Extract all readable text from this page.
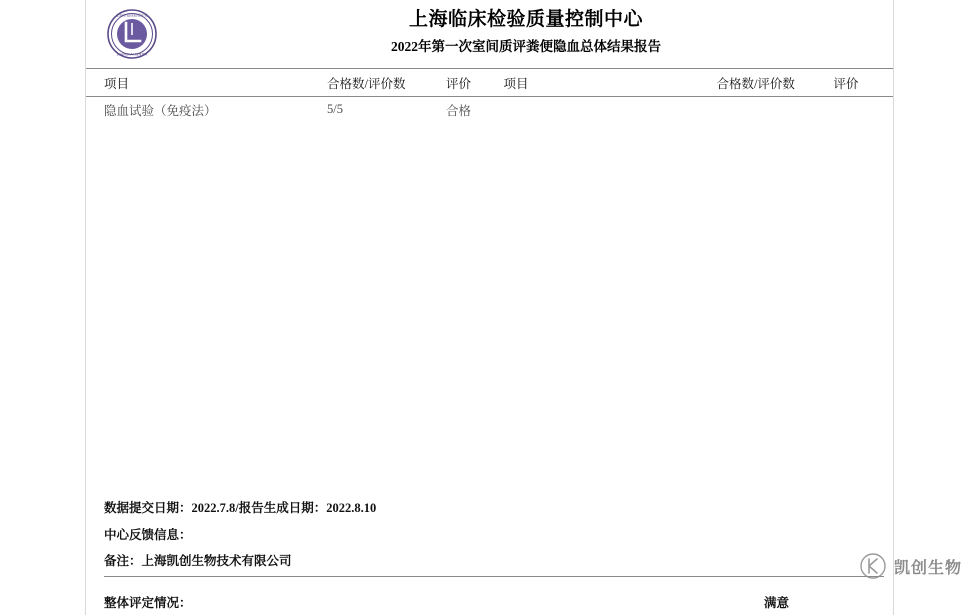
上海市临床检验中心
SHANGHAI CENTER
上海临床检验质量控制中心
2022年第一次室间质评粪便隐血总体结果报告
项目	合格数/评价数	评价	项目	合格数/评价数	评价
隐血试验（免疫法）	5/5	合格			
数据提交日期：2022.7.8/报告生成日期：2022.8.10
中心反馈信息：
备注：上海凯创生物技术有限公司
整体评定情况：	满意
凯创生物
